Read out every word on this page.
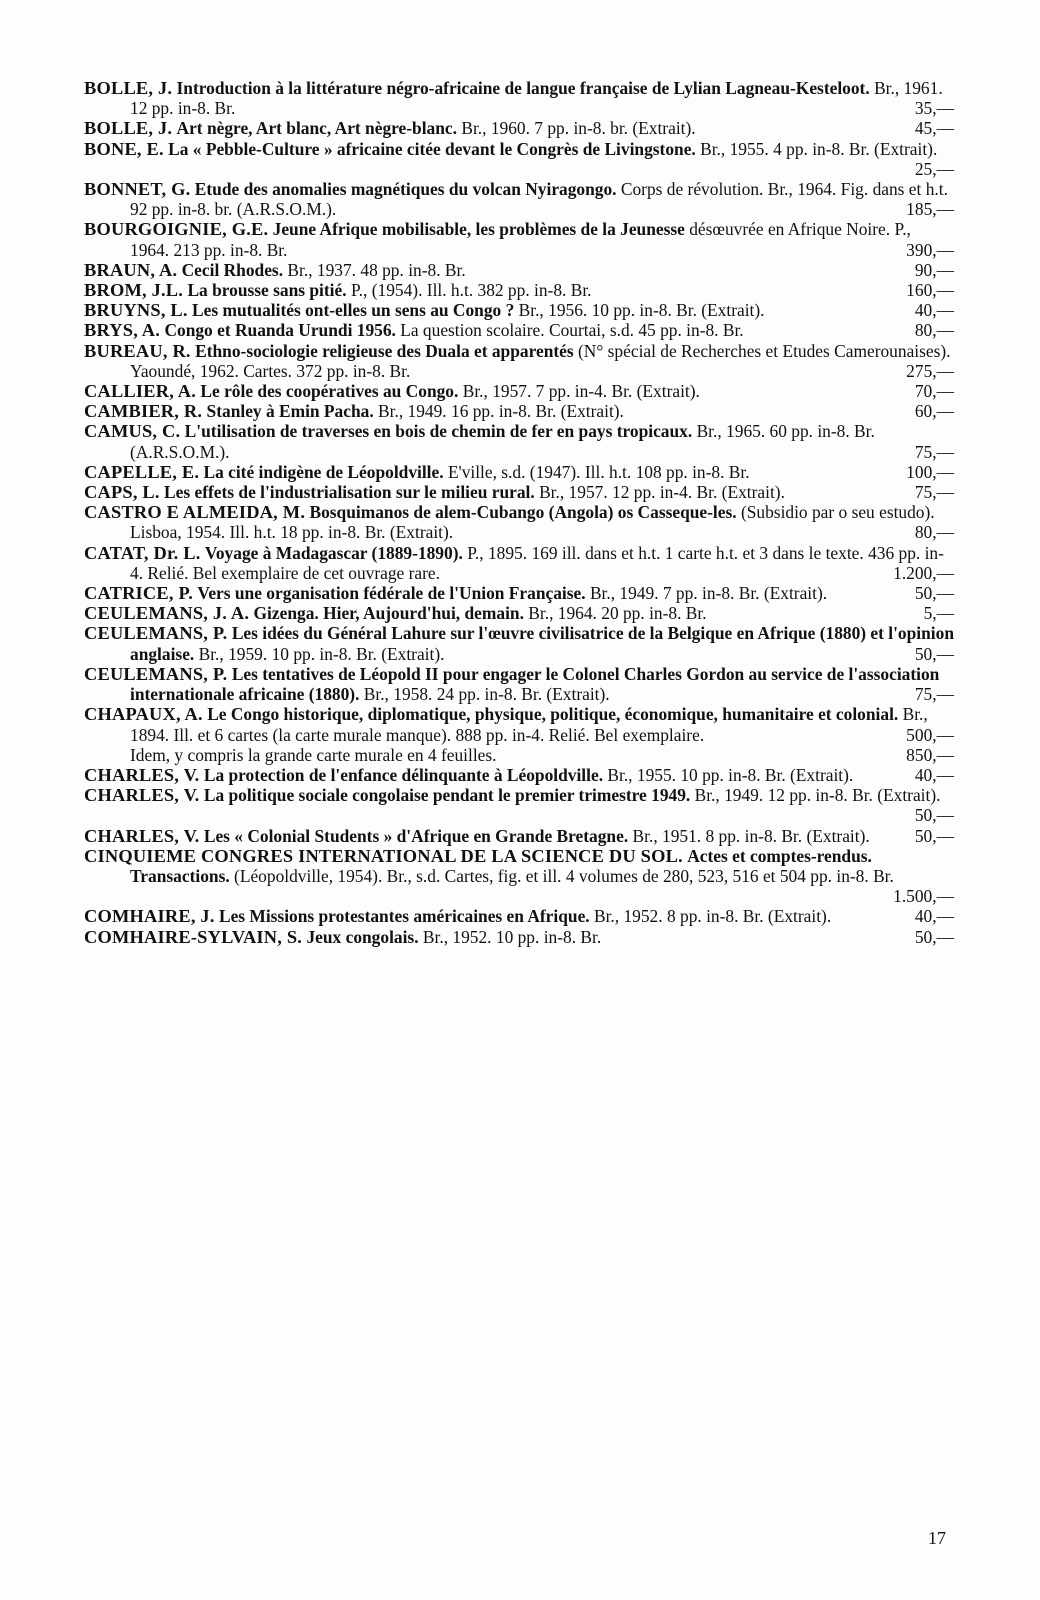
BOLLE, J. Introduction à la littérature négro-africaine de langue française de Lylian Lagneau-Kesteloot. Br., 1961. 12 pp. in-8. Br.	35,—
BOLLE, J. Art nègre, Art blanc, Art nègre-blanc. Br., 1960. 7 pp. in-8. br. (Extrait).	45,—
BONE, E. La « Pebble-Culture » africaine citée devant le Congrès de Livingstone. Br., 1955. 4 pp. in-8. Br. (Extrait).
25,—
BONNET, G. Etude des anomalies magnétiques du volcan Nyiragongo. Corps de révolution. Br., 1964. Fig. dans et h.t. 92 pp. in-8. br. (A.R.S.O.M.).	185,—
BOURGOIGNIE, G.E. Jeune Afrique mobilisable, les problèmes de la Jeunesse désœuvrée en Afrique Noire. P., 1964. 213 pp. in-8. Br.	390,—
BRAUN, A. Cecil Rhodes. Br., 1937. 48 pp. in-8. Br.	90,—
BROM, J.L. La brousse sans pitié. P., (1954). Ill. h.t. 382 pp. in-8. Br.	160,—
BRUYNS, L. Les mutualités ont-elles un sens au Congo ? Br., 1956. 10 pp. in-8. Br. (Extrait).	40,—
BRYS, A. Congo et Ruanda Urundi 1956. La question scolaire. Courtai, s.d. 45 pp. in-8. Br.	80,—
BUREAU, R. Ethno-sociologie religieuse des Duala et apparentés (N° spécial de Recherches et Etudes Camerounaises). Yaoundé, 1962. Cartes. 372 pp. in-8. Br.	275,—
CALLIER, A. Le rôle des coopératives au Congo. Br., 1957. 7 pp. in-4. Br. (Extrait).	70,—
CAMBIER, R. Stanley à Emin Pacha. Br., 1949. 16 pp. in-8. Br. (Extrait).	60,—
CAMUS, C. L'utilisation de traverses en bois de chemin de fer en pays tropicaux. Br., 1965. 60 pp. in-8. Br. (A.R.S.O.M.).	75,—
CAPELLE, E. La cité indigène de Léopoldville. E'ville, s.d. (1947). Ill. h.t. 108 pp. in-8. Br.	100,—
CAPS, L. Les effets de l'industrialisation sur le milieu rural. Br., 1957. 12 pp. in-4. Br. (Extrait).	75,—
CASTRO E ALMEIDA, M. Bosquimanos de alem-Cubango (Angola) os Casseque-les. (Subsidio par o seu estudo). Lisboa, 1954. Ill. h.t. 18 pp. in-8. Br. (Extrait).	80,—
CATAT, Dr. L. Voyage à Madagascar (1889-1890). P., 1895. 169 ill. dans et h.t. 1 carte h.t. et 3 dans le texte. 436 pp. in-4. Relié. Bel exemplaire de cet ouvrage rare.	1.200,—
CATRICE, P. Vers une organisation fédérale de l'Union Française. Br., 1949. 7 pp. in-8. Br. (Extrait).	50,—
CEULEMANS, J. A. Gizenga. Hier, Aujourd'hui, demain. Br., 1964. 20 pp. in-8. Br.	5,—
CEULEMANS, P. Les idées du Général Lahure sur l'œuvre civilisatrice de la Belgique en Afrique (1880) et l'opinion anglaise. Br., 1959. 10 pp. in-8. Br. (Extrait).	50,—
CEULEMANS, P. Les tentatives de Léopold II pour engager le Colonel Charles Gordon au service de l'association internationale africaine (1880). Br., 1958. 24 pp. in-8. Br. (Extrait).	75,—
CHAPAUX, A. Le Congo historique, diplomatique, physique, politique, économique, humanitaire et colonial. Br., 1894. Ill. et 6 cartes (la carte murale manque). 888 pp. in-4. Relié. Bel exemplaire.	500,—
Idem, y compris la grande carte murale en 4 feuilles.	850,—
CHARLES, V. La protection de l'enfance délinquante à Léopoldville. Br., 1955. 10 pp. in-8. Br. (Extrait).	40,—
CHARLES, V. La politique sociale congolaise pendant le premier trimestre 1949. Br., 1949. 12 pp. in-8. Br. (Extrait).
50,—
CHARLES, V. Les « Colonial Students » d'Afrique en Grande Bretagne. Br., 1951. 8 pp. in-8. Br. (Extrait).	50,—
CINQUIEME CONGRES INTERNATIONAL DE LA SCIENCE DU SOL. Actes et comptes-rendus. Transactions. (Léopoldville, 1954). Br., s.d. Cartes, fig. et ill. 4 volumes de 280, 523, 516 et 504 pp. in-8. Br.
1.500,—
COMHAIRE, J. Les Missions protestantes américaines en Afrique. Br., 1952. 8 pp. in-8. Br. (Extrait).	40,—
COMHAIRE-SYLVAIN, S. Jeux congolais. Br., 1952. 10 pp. in-8. Br.	50,—
17
